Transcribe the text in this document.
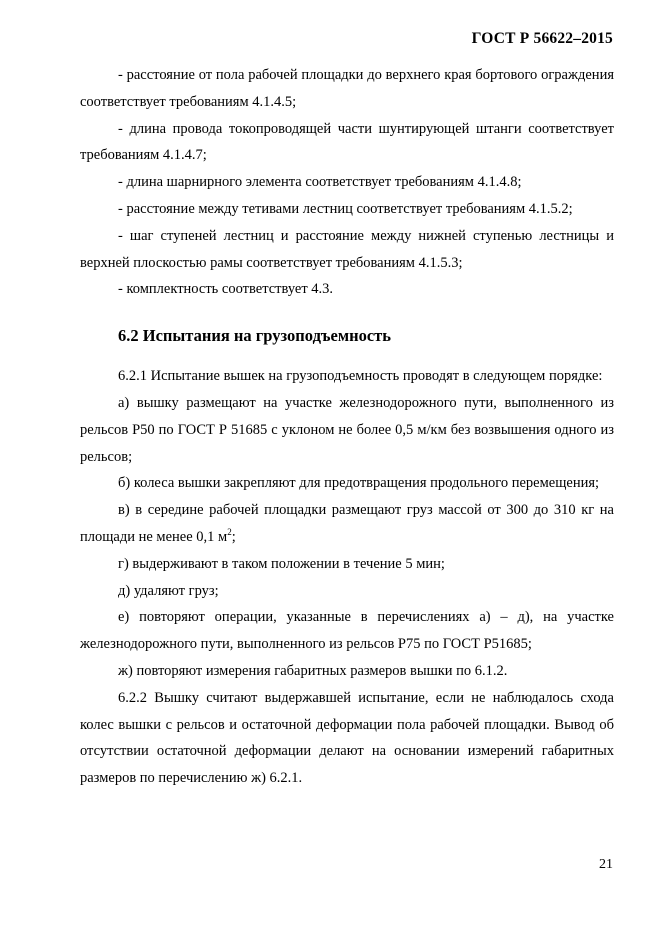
ГОСТ Р 56622–2015

- расстояние от пола рабочей площадки до верхнего края бортового ограждения соответствует требованиям 4.1.4.5;

- длина провода токопроводящей части шунтирующей штанги соответствует требованиям 4.1.4.7;

- длина шарнирного элемента соответствует требованиям 4.1.4.8;

- расстояние между тетивами лестниц соответствует требованиям 4.1.5.2;

- шаг ступеней лестниц и расстояние между нижней ступенью лестницы и верхней плоскостью рамы соответствует требованиям 4.1.5.3;

- комплектность соответствует 4.3.

6.2 Испытания на грузоподъемность

6.2.1 Испытание вышек на грузоподъемность проводят в следующем порядке:

а) вышку размещают на участке железнодорожного пути, выполненного из рельсов Р50 по ГОСТ Р 51685 с уклоном не более 0,5 м/км без возвышения одного из рельсов;

б) колеса вышки закрепляют для предотвращения продольного перемещения;

в) в середине рабочей площадки размещают груз массой от 300 до 310 кг на площади не менее 0,1 $м^2$;

г) выдерживают в таком положении в течение 5 мин;

д) удаляют груз;

е) повторяют операции, указанные в перечислениях а) – д), на участке железнодорожного пути, выполненного из рельсов Р75 по ГОСТ Р51685;

ж) повторяют измерения габаритных размеров вышки по 6.1.2.

6.2.2 Вышку считают выдержавшей испытание, если не наблюдалось схода колес вышки с рельсов и остаточной деформации пола рабочей площадки. Вывод об отсутствии остаточной деформации делают на основании измерений габаритных размеров по перечислению ж) 6.2.1.

21
